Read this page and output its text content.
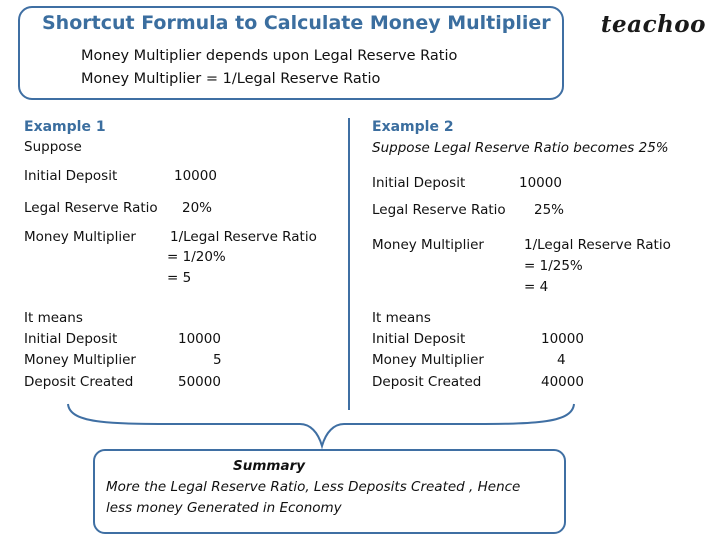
Shortcut Formula to Calculate Money Multiplier
Money Multiplier depends upon Legal Reserve Ratio
Money Multiplier = 1/Legal Reserve Ratio
teachoo
Example 1
Suppose
Initial Deposit	10000
Legal Reserve Ratio 20%
Money Multiplier	1/Legal Reserve Ratio
= 1/20%
= 5
It means
Initial Deposit	10000
Money Multiplier	5
Deposit Created	50000
Example 2
Suppose Legal Reserve Ratio becomes 25%
Initial Deposit	10000
Legal Reserve Ratio 25%
Money Multiplier	1/Legal Reserve Ratio
= 1/25%
= 4
It means
Initial Deposit	10000
Money Multiplier	4
Deposit Created	40000
Summary
More the Legal Reserve Ratio, Less Deposits Created , Hence
less money Generated in Economy
